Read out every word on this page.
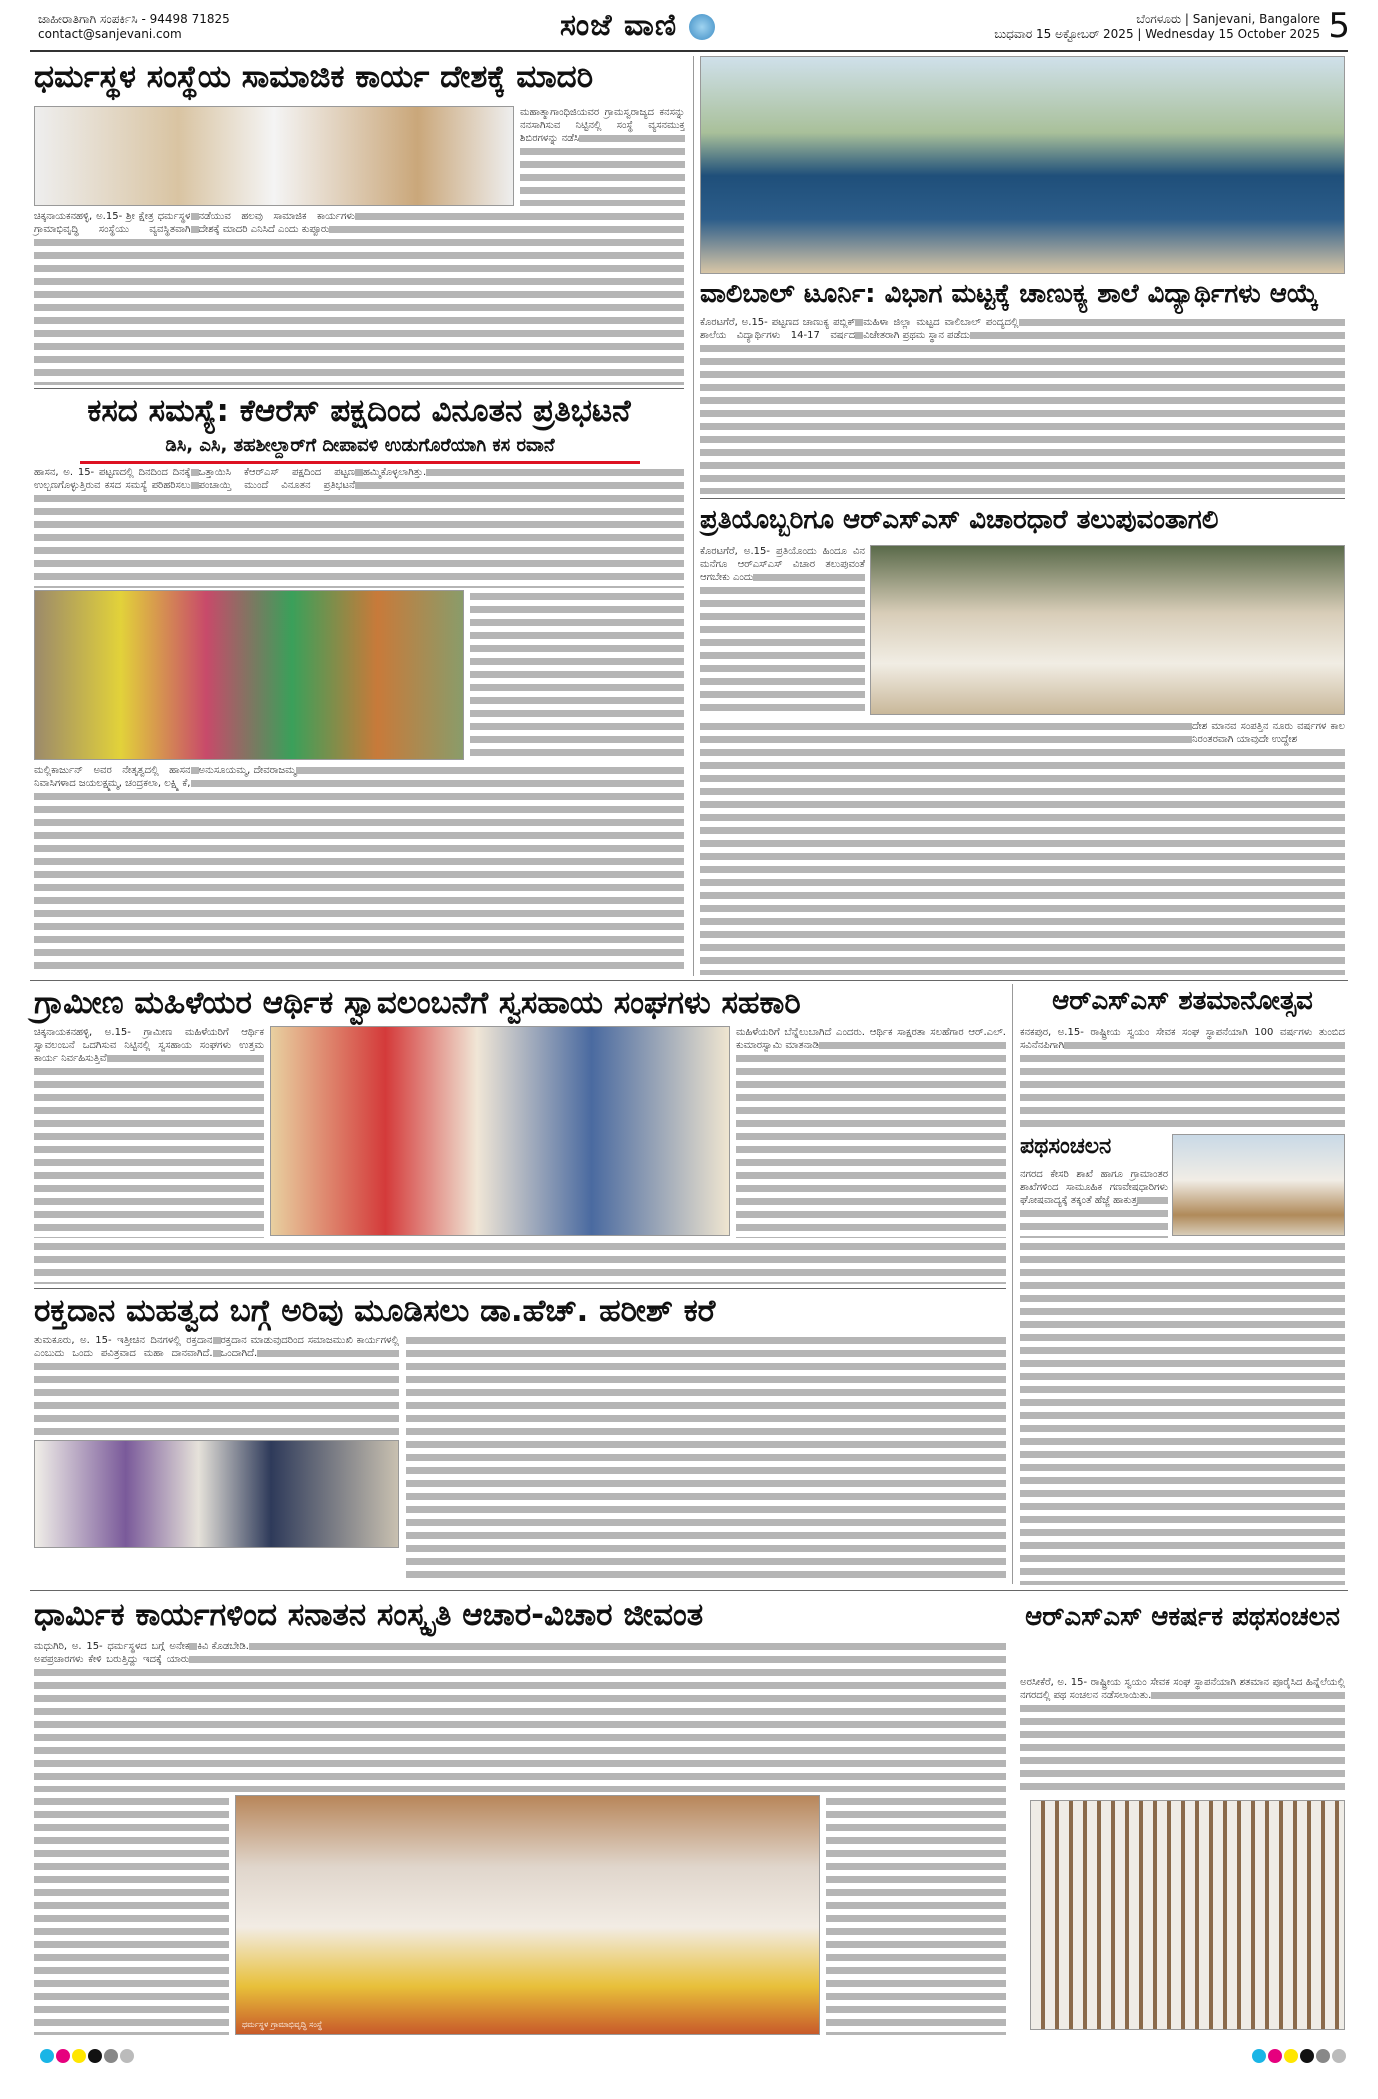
ಜಾಹೀರಾತಿಗಾಗಿ ಸಂಪರ್ಕಿಸಿ - 94498 71825
contact@sanjevani.com	ಸಂಜೆ ವಾಣಿ	ಬೆಂಗಳೂರು | Sanjevani, Bangalore
ಬುಧವಾರ 15 ಅಕ್ಟೋಬರ್ 2025 | Wednesday 15 October 2025 5
ಧರ್ಮಸ್ಥಳ ಸಂಸ್ಥೆಯ ಸಾಮಾಜಿಕ ಕಾರ್ಯ ದೇಶಕ್ಕೆ ಮಾದರಿ
ಮಹಾತ್ಮಾಗಾಂಧಿಜಿಯವರ ಗ್ರಾಮಸ್ವರಾಜ್ಯದ ಕನಸನ್ನು ನನಸಾಗಿಸುವ ನಿಟ್ಟಿನಲ್ಲಿ ಸಂಸ್ಥೆ ವ್ಯಸನಮುಕ್ತ ಶಿಬಿರಗಳನ್ನು ನಡೆಸಿ
ಚಿಕ್ಕನಾಯಕನಹಳ್ಳಿ, ಅ.15- ಶ್ರೀ ಕ್ಷೇತ್ರ ಧರ್ಮಸ್ಥಳ ಗ್ರಾಮಾಭಿವೃದ್ಧಿ ಸಂಸ್ಥೆಯು ವ್ಯವಸ್ಥಿತವಾಗಿ ನಡೆಯುವ ಹಲವು ಸಾಮಾಜಿಕ ಕಾರ್ಯಗಳು ದೇಶಕ್ಕೆ ಮಾದರಿ ಎನಿಸಿದೆ ಎಂದು ಕುಪ್ಪೂರು
ವಾಲಿಬಾಲ್ ಟೂರ್ನಿ: ವಿಭಾಗ ಮಟ್ಟಕ್ಕೆ ಚಾಣುಕ್ಯ ಶಾಲೆ ವಿದ್ಯಾರ್ಥಿಗಳು ಆಯ್ಕೆ
ಕೊರಟಗೆರೆ, ಅ.15- ಪಟ್ಟಣದ ಚಾಣುಕ್ಯ ಪಬ್ಲಿಕ್ ಶಾಲೆಯ ವಿದ್ಯಾರ್ಥಿಗಳು 14-17 ವರ್ಷದ ಮಹಿಳಾ ಜಿಲ್ಲಾ ಮಟ್ಟದ ವಾಲಿಬಾಲ್ ಪಂದ್ಯದಲ್ಲಿ ವಿಜೇತರಾಗಿ ಪ್ರಥಮ ಸ್ಥಾನ ಪಡೆದು
ಕಸದ ಸಮಸ್ಯೆ: ಕೆಆರೆಸ್ ಪಕ್ಷದಿಂದ ವಿನೂತನ ಪ್ರತಿಭಟನೆ
ಡಿಸಿ, ಎಸಿ, ತಹಶೀಲ್ದಾರ್‌ಗೆ ದೀಪಾವಳಿ ಉಡುಗೊರೆಯಾಗಿ ಕಸ ರವಾನೆ
ಹಾಸನ, ಅ. 15- ಪಟ್ಟಣದಲ್ಲಿ ದಿನದಿಂದ ದಿನಕ್ಕೆ ಉಲ್ಬಣಗೊಳ್ಳುತ್ತಿರುವ ಕಸದ ಸಮಸ್ಯೆ ಪರಿಹರಿಸಲು ಒತ್ತಾಯಿಸಿ ಕೆಆರ್‌ಎಸ್ ಪಕ್ಷದಿಂದ ಪಟ್ಟಣ ಪಂಚಾಯ್ತಿ ಮುಂದೆ ವಿನೂತನ ಪ್ರತಿಭಟನೆ ಹಮ್ಮಿಕೊಳ್ಳಲಾಗಿತ್ತು.
ಮಲ್ಲಿಕಾರ್ಜುನ್ ಅವರ ನೇತೃತ್ವದಲ್ಲಿ ಹಾಸನ ನಿವಾಸಿಗಳಾದ ಜಯಲಕ್ಷ್ಮಮ್ಮ, ಚಂದ್ರಕಲಾ, ಲಕ್ಷ್ಮಿ ಕೆ, ಅನುಸೂಯಮ್ಮ, ದೇವರಾಜಮ್ಮ
ಪ್ರತಿಯೊಬ್ಬರಿಗೂ ಆರ್‌ಎಸ್‌ಎಸ್ ವಿಚಾರಧಾರೆ ತಲುಪುವಂತಾಗಲಿ
ಕೊರಟಗೆರೆ, ಅ.15- ಪ್ರತಿಯೊಂದು ಹಿಂದೂ ವಿನ ಮನೆಗೂ ಆರ್‌ಎಸ್‌ಎಸ್ ವಿಚಾರ ತಲುಪುವಂತೆ ಆಗಬೇಕು ಎಂದು
ದೇಶ ಮಾನವ ಸಂಪತ್ತಿನ ನೂರು ವರ್ಷಗಳ ಕಾಲ ನಿರಂತರವಾಗಿ ಯಾವುದೇ ಉದ್ದೇಶ
ಗ್ರಾಮೀಣ ಮಹಿಳೆಯರ ಆರ್ಥಿಕ ಸ್ವಾವಲಂಬನೆಗೆ ಸ್ವಸಹಾಯ ಸಂಘಗಳು ಸಹಕಾರಿ
ಚಿಕ್ಕನಾಯಕನಹಳ್ಳಿ, ಅ.15- ಗ್ರಾಮೀಣ ಮಹಿಳೆಯರಿಗೆ ಆರ್ಥಿಕ ಸ್ವಾವಲಂಬನೆ ಒದಗಿಸುವ ನಿಟ್ಟಿನಲ್ಲಿ ಸ್ವಸಹಾಯ ಸಂಘಗಳು ಉತ್ತಮ ಕಾರ್ಯ ನಿರ್ವಹಿಸುತ್ತಿವೆ
ಮಹಿಳೆಯರಿಗೆ ಬೆನ್ನೆಲುಬಾಗಿದೆ ಎಂದರು. ಆರ್ಥಿಕ ಸಾಕ್ಷರತಾ ಸಲಹೆಗಾರ ಆರ್.ಎಲ್. ಕುಮಾರಸ್ವಾಮಿ ಮಾತನಾಡಿ
ಆರ್‌ಎಸ್‌ಎಸ್ ಶತಮಾನೋತ್ಸವ
ಕನಕಪುರ, ಅ.15- ರಾಷ್ಟ್ರೀಯ ಸ್ವಯಂ ಸೇವಕ ಸಂಘ ಸ್ಥಾಪನೆಯಾಗಿ 100 ವರ್ಷಗಳು ತುಂಬಿದ ಸವಿನೆನಪಿಗಾಗಿ
ಪಥಸಂಚಲನ
ನಗರದ ಕೇಸರಿ ಶಾಖೆ ಹಾಗೂ ಗ್ರಾಮಾಂತರ ಶಾಖೆಗಳಿಂದ ಸಾಮೂಹಿಕ ಗಣವೇಷಧಾರಿಗಳು ಘೋಷವಾದ್ಯಕ್ಕೆ ತಕ್ಕಂತೆ ಹೆಜ್ಜೆ ಹಾಕುತ್ತ
ರಕ್ತದಾನ ಮಹತ್ವದ ಬಗ್ಗೆ ಅರಿವು ಮೂಡಿಸಲು ಡಾ.ಹೆಚ್. ಹರೀಶ್ ಕರೆ
ತುಮಕೂರು, ಅ. 15- ಇತ್ತೀಚಿನ ದಿನಗಳಲ್ಲಿ ರಕ್ತದಾನ ಎಂಬುದು ಒಂದು ಪವಿತ್ರವಾದ ಮಹಾ ದಾನವಾಗಿದೆ. ರಕ್ತದಾನ ಮಾಡುವುದರಿಂದ ಸಮಾಜಮುಖಿ ಕಾರ್ಯಗಳಲ್ಲಿ ಒಂದಾಗಿದೆ.
ಧಾರ್ಮಿಕ ಕಾರ್ಯಗಳಿಂದ ಸನಾತನ ಸಂಸ್ಕೃತಿ ಆಚಾರ-ವಿಚಾರ ಜೀವಂತ
ಮಧುಗಿರಿ, ಅ. 15- ಧರ್ಮಸ್ಥಳದ ಬಗ್ಗೆ ಅನೇಕ ಅಪಪ್ರಚಾರಗಳು ಕೇಳಿ ಬರುತ್ತಿದ್ದು ಇದಕ್ಕೆ ಯಾರು ಕಿವಿ ಕೊಡಬೇಡಿ.
ಧರ್ಮಸ್ಥಳ ಗ್ರಾಮಾಭಿವೃದ್ಧಿ ಸಂಸ್ಥೆ
ಆರ್‌ಎಸ್‌ಎಸ್ ಆಕರ್ಷಕ ಪಥಸಂಚಲನ
ಅರಸೀಕೆರೆ, ಅ. 15- ರಾಷ್ಟ್ರೀಯ ಸ್ವಯಂ ಸೇವಕ ಸಂಘ ಸ್ಥಾಪನೆಯಾಗಿ ಶತಮಾನ ಪೂರೈಸಿದ ಹಿನ್ನೆಲೆಯಲ್ಲಿ ನಗರದಲ್ಲಿ ಪಥ ಸಂಚಲನ ನಡೆಸಲಾಯಿತು.
